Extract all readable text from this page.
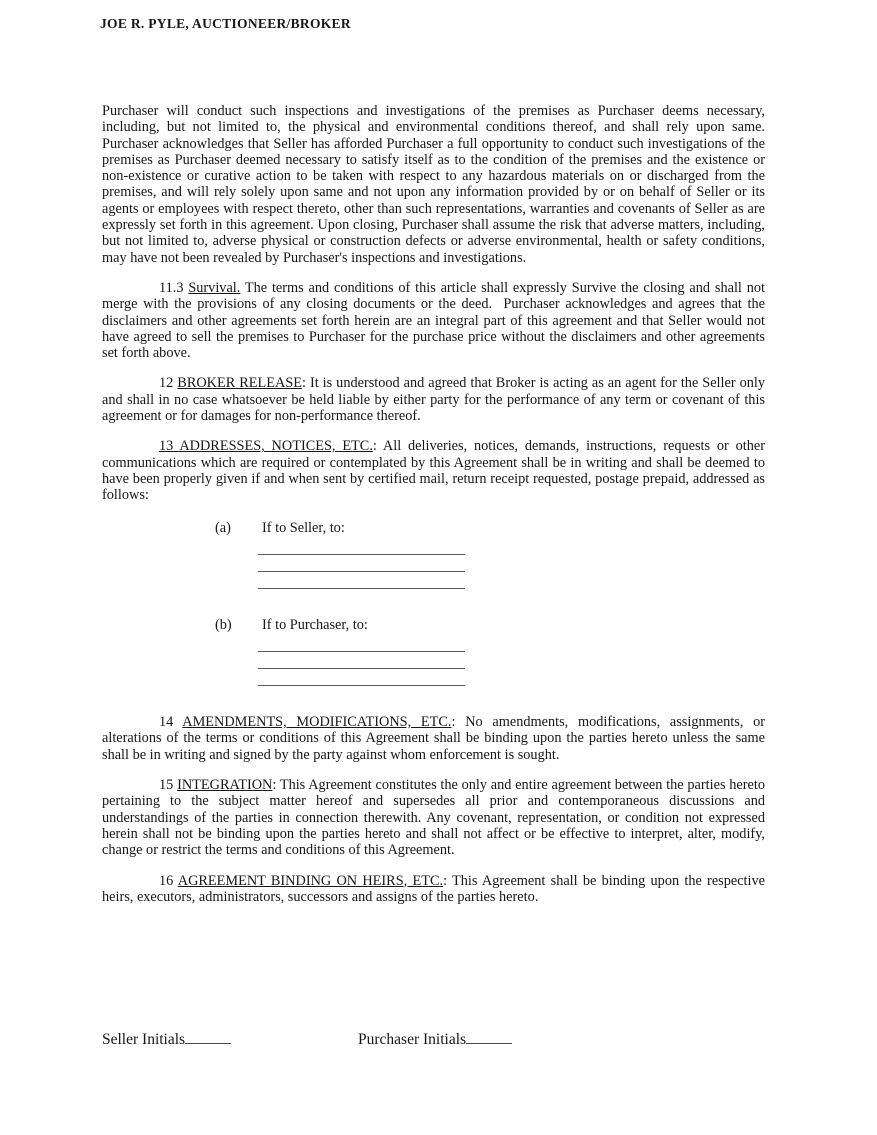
JOE R. PYLE, AUCTIONEER/BROKER

Purchaser will conduct such inspections and investigations of the premises as Purchaser deems necessary, including, but not limited to, the physical and environmental conditions thereof, and shall rely upon same. Purchaser acknowledges that Seller has afforded Purchaser a full opportunity to conduct such investigations of the premises as Purchaser deemed necessary to satisfy itself as to the condition of the premises and the existence or non-existence or curative action to be taken with respect to any hazardous materials on or discharged from the premises, and will rely solely upon same and not upon any information provided by or on behalf of Seller or its agents or employees with respect thereto, other than such representations, warranties and covenants of Seller as are expressly set forth in this agreement. Upon closing, Purchaser shall assume the risk that adverse matters, including, but not limited to, adverse physical or construction defects or adverse environmental, health or safety conditions, may have not been revealed by Purchaser's inspections and investigations.

11.3 Survival. The terms and conditions of this article shall expressly Survive the closing and shall not merge with the provisions of any closing documents or the deed.  Purchaser acknowledges and agrees that the disclaimers and other agreements set forth herein are an integral part of this agreement and that Seller would not have agreed to sell the premises to Purchaser for the purchase price without the disclaimers and other agreements set forth above.

12 BROKER RELEASE: It is understood and agreed that Broker is acting as an agent for the Seller only and shall in no case whatsoever be held liable by either party for the performance of any term or covenant of this agreement or for damages for non-performance thereof.

13 ADDRESSES, NOTICES, ETC.: All deliveries, notices, demands, instructions, requests or other communications which are required or contemplated by this Agreement shall be in writing and shall be deemed to have been properly given if and when sent by certified mail, return receipt requested, postage prepaid, addressed as follows:

(a) If to Seller, to:
(b) If to Purchaser, to:

14 AMENDMENTS, MODIFICATIONS, ETC.: No amendments, modifications, assignments, or alterations of the terms or conditions of this Agreement shall be binding upon the parties hereto unless the same shall be in writing and signed by the party against whom enforcement is sought.

15 INTEGRATION: This Agreement constitutes the only and entire agreement between the parties hereto pertaining to the subject matter hereof and supersedes all prior and contemporaneous discussions and understandings of the parties in connection therewith. Any covenant, representation, or condition not expressed herein shall not be binding upon the parties hereto and shall not affect or be effective to interpret, alter, modify, change or restrict the terms and conditions of this Agreement.

16 AGREEMENT BINDING ON HEIRS, ETC.: This Agreement shall be binding upon the respective heirs, executors, administrators, successors and assigns of the parties hereto.

Seller Initials	Purchaser Initials
